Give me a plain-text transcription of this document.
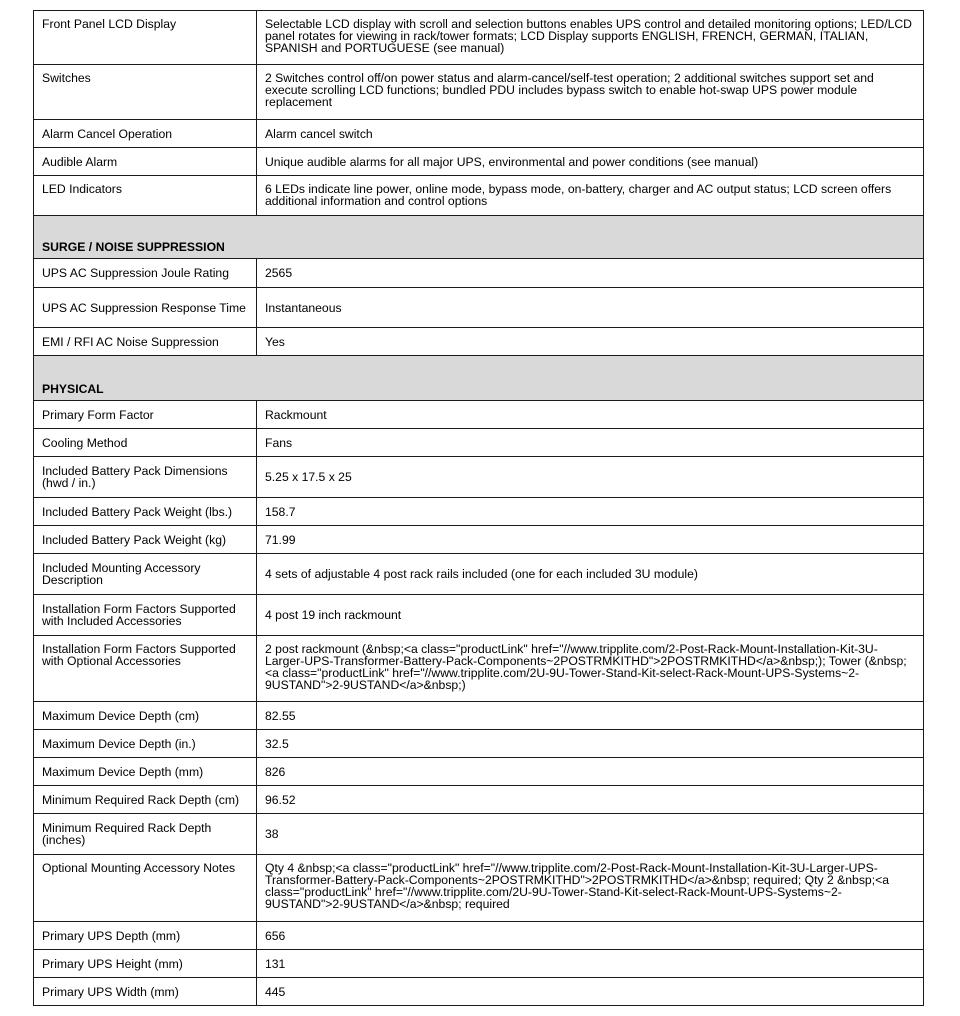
Front Panel LCD Display	Selectable LCD display with scroll and selection buttons enables UPS control and detailed monitoring options; LED/LCD panel rotates for viewing in rack/tower formats; LCD Display supports ENGLISH, FRENCH, GERMAN, ITALIAN, SPANISH and PORTUGUESE (see manual)
Switches	2 Switches control off/on power status and alarm-cancel/self-test operation; 2 additional switches support set and execute scrolling LCD functions; bundled PDU includes bypass switch to enable hot-swap UPS power module replacement
Alarm Cancel Operation	Alarm cancel switch
Audible Alarm	Unique audible alarms for all major UPS, environmental and power conditions (see manual)
LED Indicators	6 LEDs indicate line power, online mode, bypass mode, on-battery, charger and AC output status; LCD screen offers additional information and control options
SURGE / NOISE SUPPRESSION	
UPS AC Suppression Joule Rating	2565
UPS AC Suppression Response Time	Instantaneous
EMI / RFI AC Noise Suppression	Yes
PHYSICAL	
Primary Form Factor	Rackmount
Cooling Method	Fans
Included Battery Pack Dimensions (hwd / in.)	5.25 x 17.5 x 25
Included Battery Pack Weight (lbs.)	158.7
Included Battery Pack Weight (kg)	71.99
Included Mounting Accessory Description	4 sets of adjustable 4 post rack rails included (one for each included 3U module)
Installation Form Factors Supported with Included Accessories	4 post 19 inch rackmount
Installation Form Factors Supported with Optional Accessories	2 post rackmount (&nbsp;<a class="productLink" href="//www.tripplite.com/2-Post-Rack-Mount-Installation-Kit-3U-Larger-UPS-Transformer-Battery-Pack-Components~2POSTRMKITHD">2POSTRMKITHD</a>&nbsp;); Tower (&nbsp;<a class="productLink" href="//www.tripplite.com/2U-9U-Tower-Stand-Kit-select-Rack-Mount-UPS-Systems~2-9USTAND">2-9USTAND</a>&nbsp;)
Maximum Device Depth (cm)	82.55
Maximum Device Depth (in.)	32.5
Maximum Device Depth (mm)	826
Minimum Required Rack Depth (cm)	96.52
Minimum Required Rack Depth (inches)	38
Optional Mounting Accessory Notes	Qty 4 &nbsp;<a class="productLink" href="//www.tripplite.com/2-Post-Rack-Mount-Installation-Kit-3U-Larger-UPS-Transformer-Battery-Pack-Components~2POSTRMKITHD">2POSTRMKITHD</a>&nbsp; required; Qty 2 &nbsp;<a class="productLink" href="//www.tripplite.com/2U-9U-Tower-Stand-Kit-select-Rack-Mount-UPS-Systems~2-9USTAND">2-9USTAND</a>&nbsp; required
Primary UPS Depth (mm)	656
Primary UPS Height (mm)	131
Primary UPS Width (mm)	445
